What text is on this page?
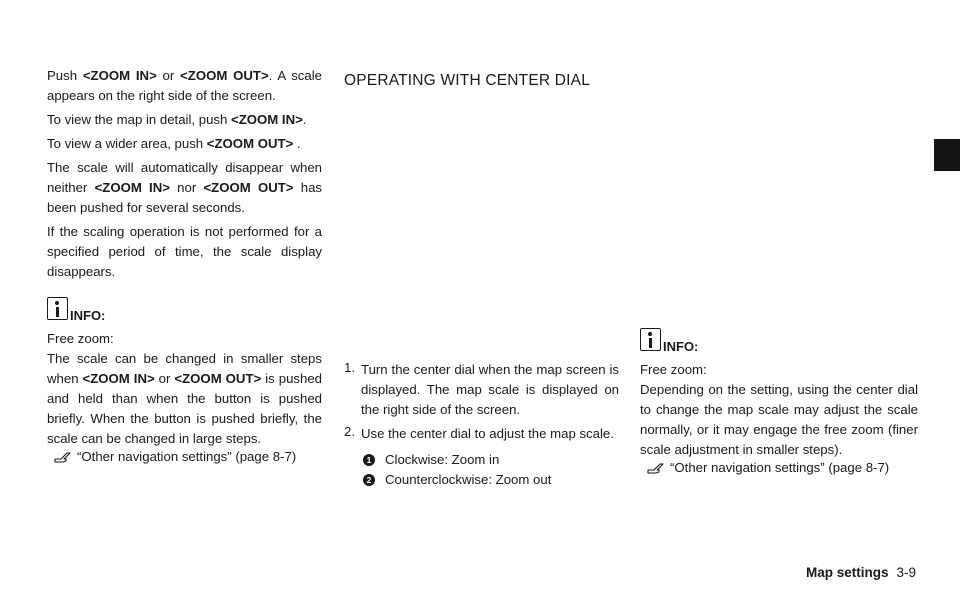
Push <ZOOM IN> or <ZOOM OUT>. A scale appears on the right side of the screen.

To view the map in detail, push <ZOOM IN>.

To view a wider area, push <ZOOM OUT> .

The scale will automatically disappear when neither <ZOOM IN> nor <ZOOM OUT> has been pushed for several seconds.

If the scaling operation is not performed for a specified period of time, the scale display disappears.

INFO:

Free zoom:

The scale can be changed in smaller steps when <ZOOM IN> or <ZOOM OUT> is pushed and held than when the button is pushed briefly. When the button is pushed briefly, the scale can be changed in large steps.

“Other navigation settings” (page 8-7)
OPERATING WITH CENTER DIAL
1. Turn the center dial when the map screen is displayed. The map scale is displayed on the right side of the screen.

2. Use the center dial to adjust the map scale.

1 Clockwise: Zoom in
2 Counterclockwise: Zoom out
INFO:

Free zoom:

Depending on the setting, using the center dial to change the map scale may adjust the scale normally, or it may engage the free zoom (finer scale adjustment in smaller steps).

“Other navigation settings” (page 8-7)
Map settings 3-9
